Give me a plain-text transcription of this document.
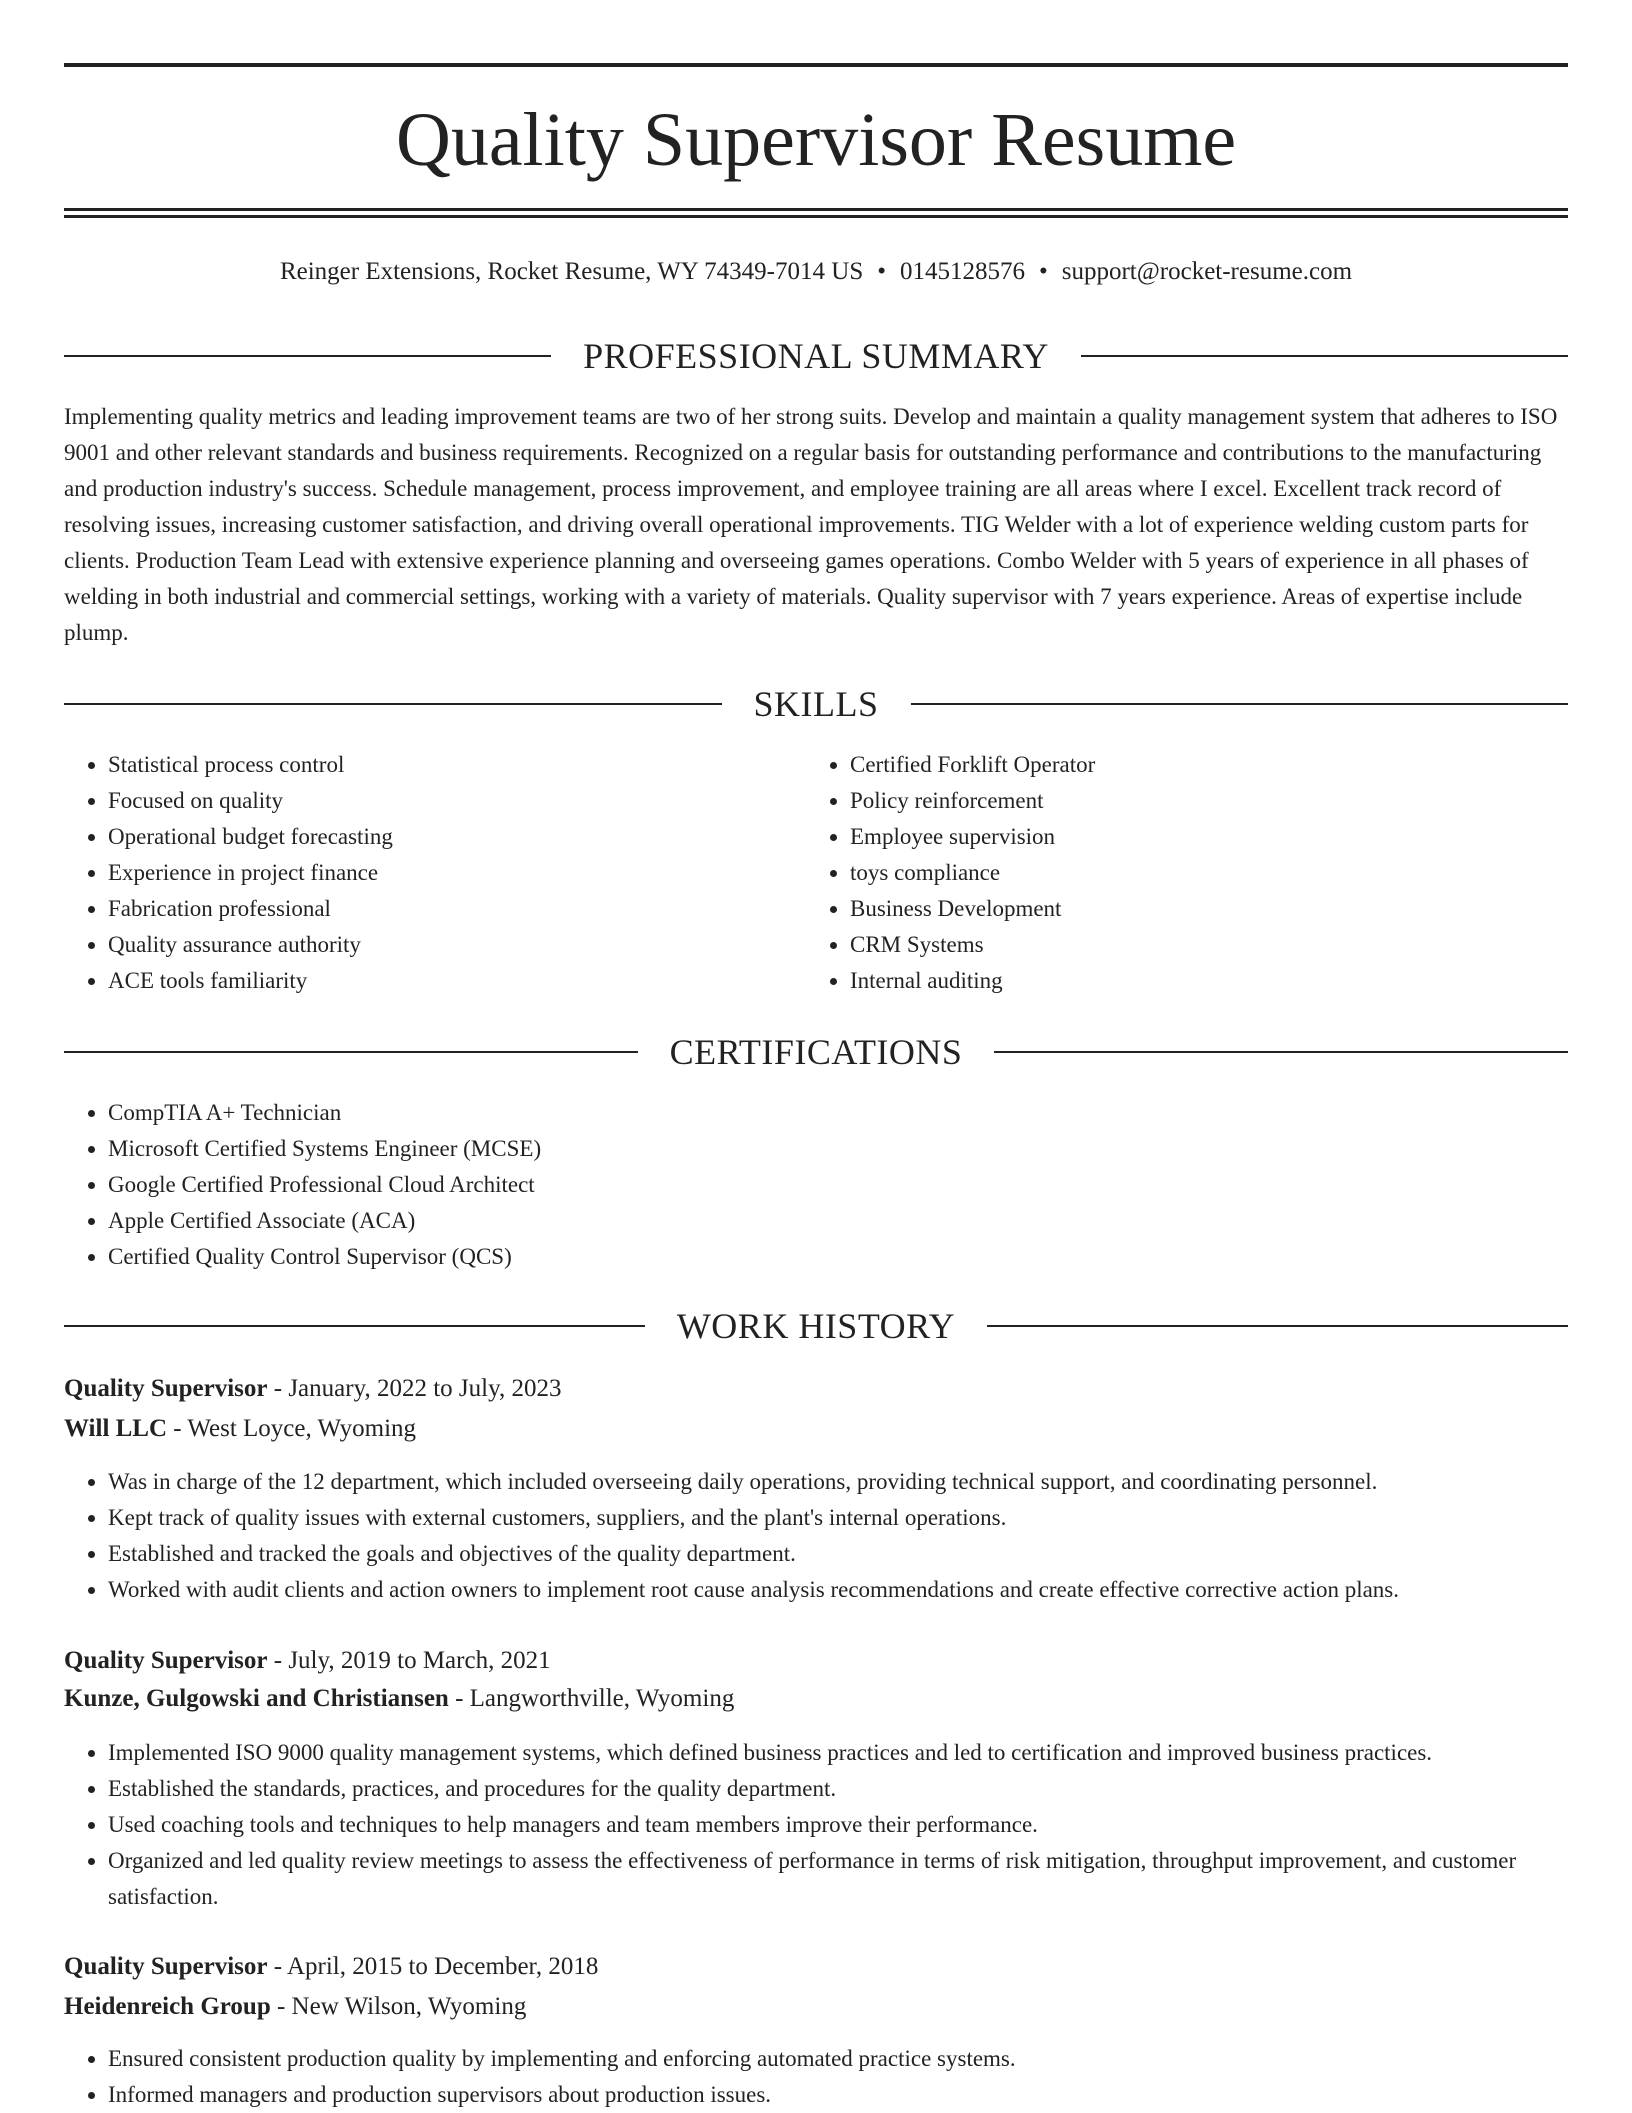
Quality Supervisor Resume
Reinger Extensions, Rocket Resume, WY 74349-7014 US • 0145128576 • support@rocket-resume.com
PROFESSIONAL SUMMARY

Implementing quality metrics and leading improvement teams are two of her strong suits. Develop and maintain a quality management system that adheres to ISO 9001 and other relevant standards and business requirements. Recognized on a regular basis for outstanding performance and contributions to the manufacturing and production industry's success. Schedule management, process improvement, and employee training are all areas where I excel. Excellent track record of resolving issues, increasing customer satisfaction, and driving overall operational improvements. TIG Welder with a lot of experience welding custom parts for clients. Production Team Lead with extensive experience planning and overseeing games operations. Combo Welder with 5 years of experience in all phases of welding in both industrial and commercial settings, working with a variety of materials. Quality supervisor with 7 years experience. Areas of expertise include plump.

SKILLS
• Statistical process control
• Focused on quality
• Operational budget forecasting
• Experience in project finance
• Fabrication professional
• Quality assurance authority
• ACE tools familiarity
• Certified Forklift Operator
• Policy reinforcement
• Employee supervision
• toys compliance
• Business Development
• CRM Systems
• Internal auditing
CERTIFICATIONS
• CompTIA A+ Technician
• Microsoft Certified Systems Engineer (MCSE)
• Google Certified Professional Cloud Architect
• Apple Certified Associate (ACA)
• Certified Quality Control Supervisor (QCS)
WORK HISTORY
Quality Supervisor - January, 2022 to July, 2023
Will LLC - West Loyce, Wyoming
• Was in charge of the 12 department, which included overseeing daily operations, providing technical support, and coordinating personnel.
• Kept track of quality issues with external customers, suppliers, and the plant's internal operations.
• Established and tracked the goals and objectives of the quality department.
• Worked with audit clients and action owners to implement root cause analysis recommendations and create effective corrective action plans.
Quality Supervisor - July, 2019 to March, 2021
Kunze, Gulgowski and Christiansen - Langworthville, Wyoming
• Implemented ISO 9000 quality management systems, which defined business practices and led to certification and improved business practices.
• Established the standards, practices, and procedures for the quality department.
• Used coaching tools and techniques to help managers and team members improve their performance.
• Organized and led quality review meetings to assess the effectiveness of performance in terms of risk mitigation, throughput improvement, and customer satisfaction.
Quality Supervisor - April, 2015 to December, 2018
Heidenreich Group - New Wilson, Wyoming
• Ensured consistent production quality by implementing and enforcing automated practice systems.
• Informed managers and production supervisors about production issues.
